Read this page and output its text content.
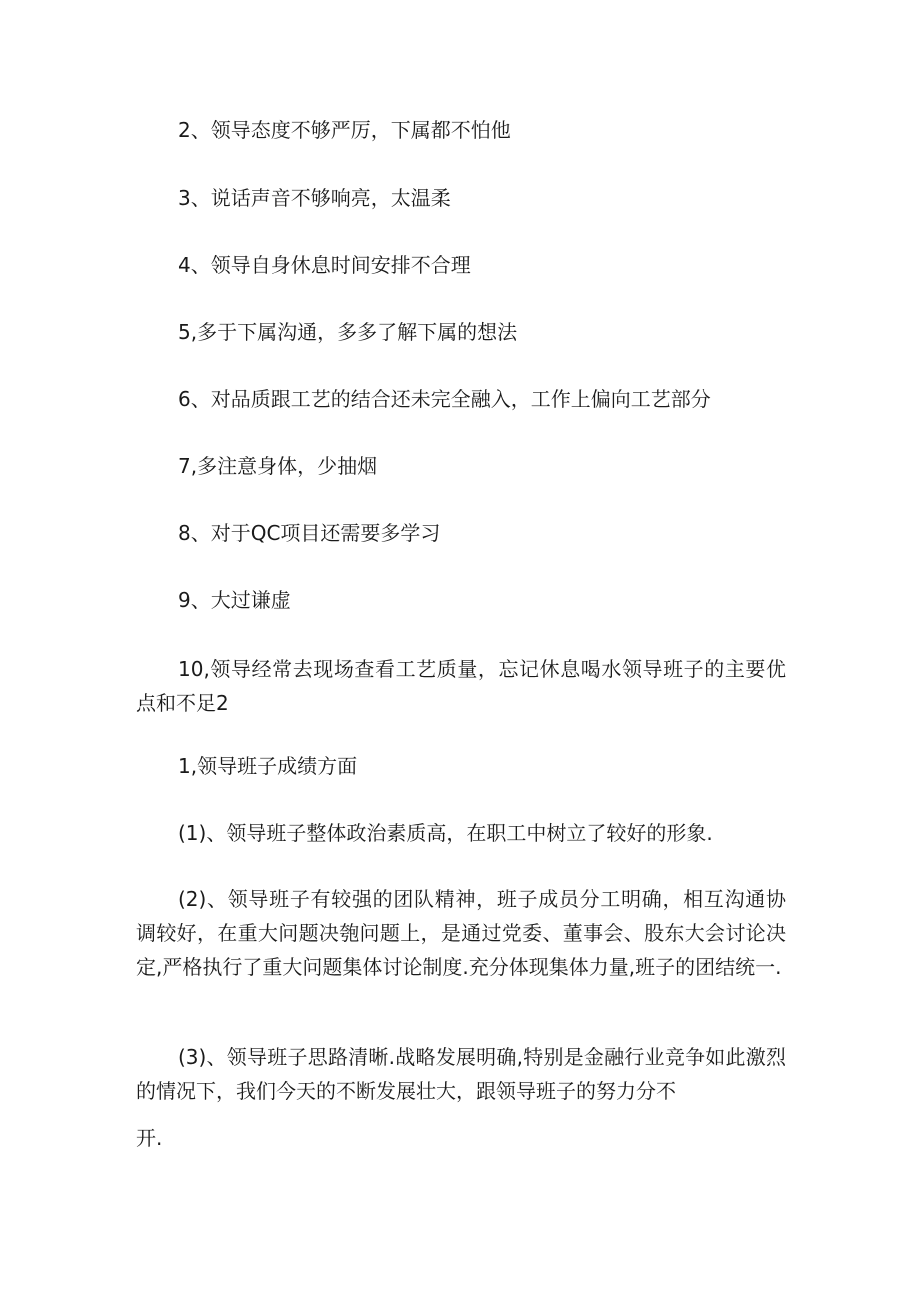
2、领导态度不够严厉，下属都不怕他
3、说话声音不够响亮，太温柔
4、领导自身休息时间安排不合理
5,多于下属沟通，多多了解下属的想法
6、对品质跟工艺的结合还未完全融入，工作上偏向工艺部分
7,多注意身体，少抽烟
8、对于QC项目还需要多学习
9、大过谦虚
10,领导经常去现场查看工艺质量，忘记休息喝水领导班子的主要优点和不足2
1,领导班子成绩方面
(1)、领导班子整体政治素质高，在职工中树立了较好的形象.
(2)、领导班子有较强的团队精神，班子成员分工明确，相互沟通协调较好，在重大问题决匏问题上，是通过党委、董事会、股东大会讨论决定,严格执行了重大问题集体讨论制度.充分体现集体力量,班子的团结统一.
(3)、领导班子思路清晰.战略发展明确,特别是金融行业竞争如此激烈的情况下，我们今天的不断发展壮大，跟领导班子的努力分不
开.
